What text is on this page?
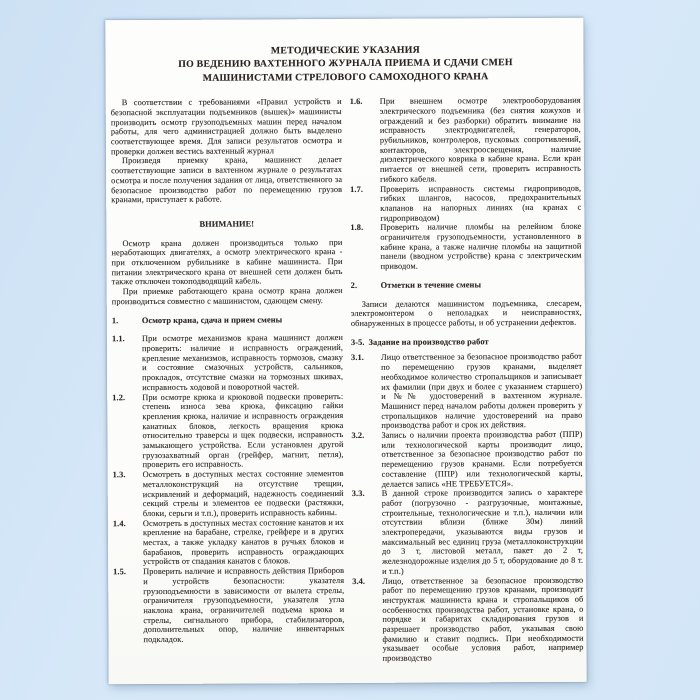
МЕТОДИЧЕСКИЕ УКАЗАНИЯ
ПО ВЕДЕНИЮ ВАХТЕННОГО ЖУРНАЛА ПРИЕМА И СДАЧИ СМЕН
МАШИНИСТАМИ СТРЕЛОВОГО САМОХОДНОГО КРАНА

В соответствии с требованиями «Правил устройств и безопасной эксплуатации подъемников (вышек)» машинисты производить осмотр грузоподъемных машин перед началом работы, для чего администрацией должно быть выделено соответствующее время. Для записи результатов осмотра и проверки должен вестись вахтенный журнал

Произведя приемку крана, машинист делает соответствующие записи в вахтенном журнале о результатах осмотра и после получения задания от лица, ответственного за безопасное производство работ по перемещению грузов кранами, приступает к работе.

ВНИМАНИЕ!

Осмотр крана должен производиться только при неработающих двигателях, а осмотр электрического крана - при отключенном рубильнике в кабине машиниста. При питании электрического крана от внешней сети должен быть также отключен токоподводящий кабель.

При приемке работающего крана осмотр крана должен производиться совместно с машинистом, сдающем смену.

1.	Осмотр крана, сдача и прием смены
1.1.	При осмотре механизмов крана машинист должен проверить: наличие и исправность ограждений, крепление механизмов, исправность тормозов, смазку и состояние смазочных устройств, сальников, прокладок, отсутствие смазки на тормозных шкивах, исправность ходовой и поворотной частей.
1.2.	При осмотре крюка и крюковой подвески проверить: степень износа зева крюка, фиксацию гайки крепления крюка, наличие и исправность ограждения канатных блоков, легкость вращения крюка относительно траверсы и щек подвески, исправность замыкающего устройства. Если установлен другой грузозахватный орган (грейфер, магнит, петля), проверить его исправность.
1.3.	Осмотреть в доступных местах состояние элементов металлоконструкций на отсутствие трещин, искривлений и деформаций, надежность соединений секций стрелы и элементов ее подвески (растяжки, блоки, серьги и т.п.), проверить исправность кабины.
1.4.	Осмотреть в доступных местах состояние канатов и их крепление на барабане, стрелке, грейфере и в других местах, а также укладку канатов в ручьях блоков и барабанов, проверить исправность ограждающих устройств от спадания канатов с блоков.
1.5.	Проверить наличие и исправность действия Приборов и устройств безопасности: указателя грузоподъемности в зависимости от вылета стрелы, ограничителя грузоподъемности, указателя угла наклона крана, ограничителей подъема крюка и стрелы, сигнального прибора, стабилизаторов, дополнительных опор, наличие инвентарных подкладок.
1.6.	При внешнем осмотре электрооборудования электрического подъемника (без снятия кожухов и ограждений и без разборки) обратить внимание на исправность электродвигателей, генераторов, рубильников, контролеров, пусковых сопротивлений, контакторов, электроосвещения, наличие диэлектрического коврика в кабине крана. Если кран питается от внешней сети, проверить исправность гибкого кабеля.
1.7.	Проверить исправность системы гидроприводов, гибких шлангов, насосов, предохранительных клапанов на напорных линиях (на кранах с гидроприводом)
1.8.	Проверить наличие пломбы на релейном блоке ограничителя грузоподъемности, установленного в кабине крана, а также наличие пломбы на защитной панели (вводном устройстве) крана с электрическим приводом.
2.	Отметки в течение смены

Записи делаются машинистом подъемника, слесарем, электромонтером о неполадках и неисправностях, обнаруженных в процессе работы, и об устранении дефектов.

3-5. Задание на производство работ
3.1.	Лицо ответственное за безопасное производство работ по перемещению грузов кранами, выделяет необходимое количество стропальщиков и записывает их фамилии (при двух и более с указанием старшего) и №№ удостоверений в вахтенном журнале. Машинист перед началом работы должен проверить у стропальщиков наличие удостоверений на право производства работ и срок их действия.
3.2.	Запись о наличии проекта производства работ (ППР) или технологической карты производит лицо, ответственное за безопасное производство работ по перемещению грузов кранами. Если потребуется составление (ППР) или технологической карты, делается запись «НЕ ТРЕБУЕТСЯ».
3.3.	В данной строке производится запись о характере работ (погрузочно - разгрузочные, монтажные, строительные, технологические и т.п.), наличии или отсутствии вблизи (ближе 30м) линий электропередачи, указываются виды грузов и максимальный вес единиц груза (металлоконструкции до 3 т, листовой металл, пакет до 2 т, железнодорожные изделия до 5 т, оборудование до 8 т. и т.п.)
3.4.	Лицо, ответственное за безопасное производство работ по перемещению грузов кранами, производит инструктаж машиниста крана и стропальщиков об особенностях производства работ, установке крана, о порядке и габаритах складирования грузов и разрешает производство работ, указывая свою фамилию и ставит подпись. При необходимости указывает особые условия работ, например производство
